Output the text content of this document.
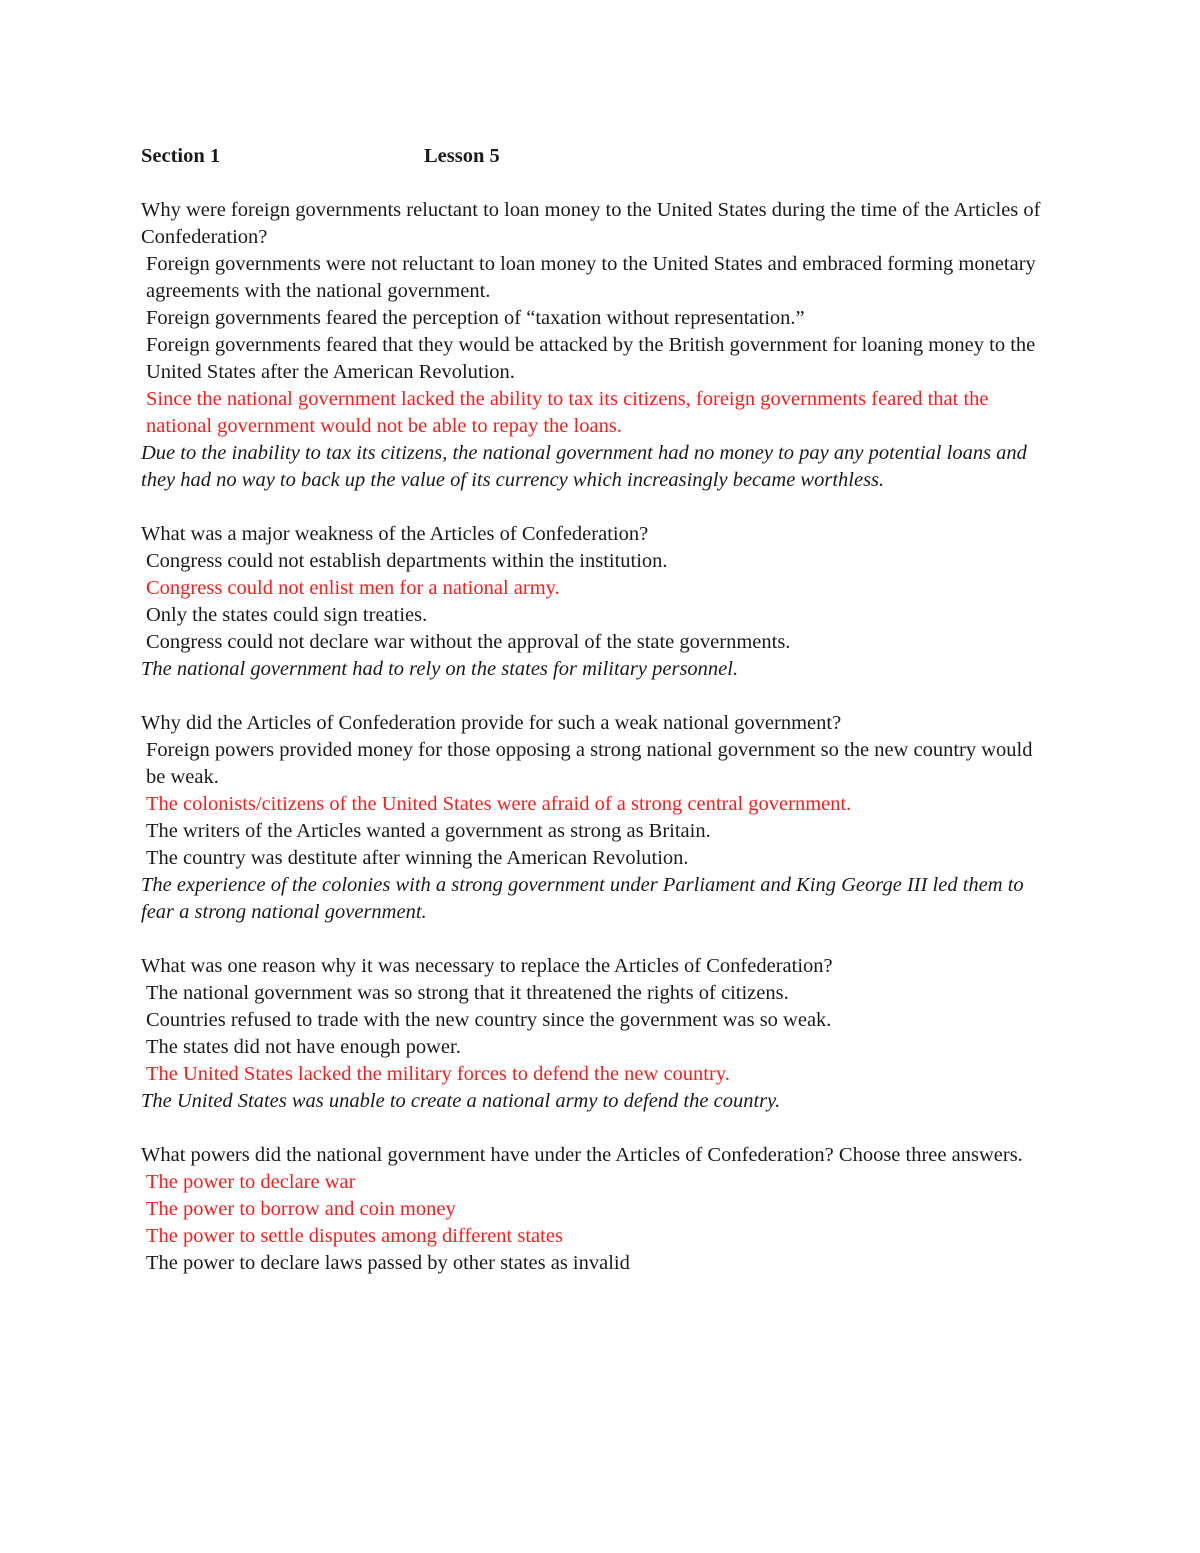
Section 1	Lesson 5
Why were foreign governments reluctant to loan money to the United States during the time of the Articles of Confederation?
Foreign governments were not reluctant to loan money to the United States and embraced forming monetary agreements with the national government.
Foreign governments feared the perception of “taxation without representation.”
Foreign governments feared that they would be attacked by the British government for loaning money to the United States after the American Revolution.
Since the national government lacked the ability to tax its citizens, foreign governments feared that the national government would not be able to repay the loans.
Due to the inability to tax its citizens, the national government had no money to pay any potential loans and they had no way to back up the value of its currency which increasingly became worthless.
What was a major weakness of the Articles of Confederation?
Congress could not establish departments within the institution.
Congress could not enlist men for a national army.
Only the states could sign treaties.
Congress could not declare war without the approval of the state governments.
The national government had to rely on the states for military personnel.
Why did the Articles of Confederation provide for such a weak national government?
Foreign powers provided money for those opposing a strong national government so the new country would be weak.
The colonists/citizens of the United States were afraid of a strong central government.
The writers of the Articles wanted a government as strong as Britain.
The country was destitute after winning the American Revolution.
The experience of the colonies with a strong government under Parliament and King George III led them to fear a strong national government.
What was one reason why it was necessary to replace the Articles of Confederation?
The national government was so strong that it threatened the rights of citizens.
Countries refused to trade with the new country since the government was so weak.
The states did not have enough power.
The United States lacked the military forces to defend the new country.
The United States was unable to create a national army to defend the country.
What powers did the national government have under the Articles of Confederation? Choose three answers.
The power to declare war
The power to borrow and coin money
The power to settle disputes among different states
The power to declare laws passed by other states as invalid
